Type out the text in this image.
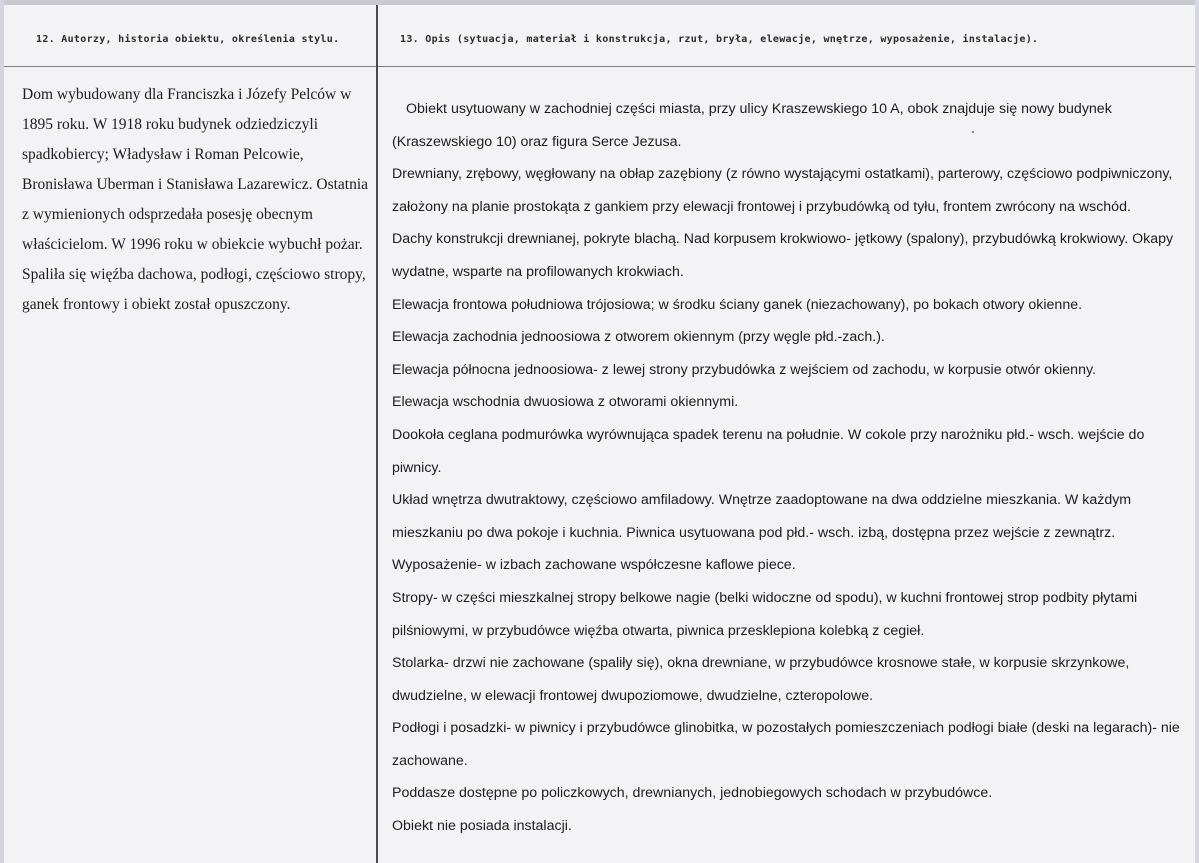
12. Autorzy, historia obiektu, określenia stylu.	13. Opis (sytuacja, materiał i konstrukcja, rzut, bryła, elewacje, wnętrze, wyposażenie, instalacje).

Dom wybudowany dla Franciszka i Józefy Pelców w 1895 roku. W 1918 roku budynek odziedziczyli spadkobiercy; Władysław i Roman Pelcowie, Bronisława Uberman i Stanisława Lazarewicz. Ostatnia z wymienionych odsprzedała posesję obecnym właścicielom. W 1996 roku w obiekcie wybuchł pożar. Spaliła się więźba dachowa, podłogi, częściowo stropy, ganek frontowy i obiekt został opuszczony.

Obiekt usytuowany w zachodniej części miasta, przy ulicy Kraszewskiego 10 A, obok znajduje się nowy budynek (Kraszewskiego 10) oraz figura Serce Jezusa.

Drewniany, zrębowy, węgłowany na obłap zazębiony (z równo wystającymi ostatkami), parterowy, częściowo podpiwniczony, założony na planie prostokąta z gankiem przy elewacji frontowej i przybudówką od tyłu, frontem zwrócony na wschód.

Dachy konstrukcji drewnianej, pokryte blachą. Nad korpusem krokwiowo- jętkowy (spalony), przybudówką krokwiowy. Okapy wydatne, wsparte na profilowanych krokwiach.

Elewacja frontowa południowa trójosiowa; w środku ściany ganek (niezachowany), po bokach otwory okienne.

Elewacja zachodnia jednoosiowa z otworem okiennym (przy węgle płd.-zach.).

Elewacja północna jednoosiowa- z lewej strony przybudówka z wejściem od zachodu, w korpusie otwór okienny.

Elewacja wschodnia dwuosiowa z otworami okiennymi.

Dookoła ceglana podmurówka wyrównująca spadek terenu na południe. W cokole przy narożniku płd.- wsch. wejście do piwnicy.

Układ wnętrza dwutraktowy, częściowo amfiladowy. Wnętrze zaadoptowane na dwa oddzielne mieszkania. W każdym mieszkaniu po dwa pokoje i kuchnia. Piwnica usytuowana pod płd.- wsch. izbą, dostępna przez wejście z zewnątrz.

Wyposażenie- w izbach zachowane współczesne kaflowe piece.

Stropy- w części mieszkalnej stropy belkowe nagie (belki widoczne od spodu), w kuchni frontowej strop podbity płytami pilśniowymi, w przybudówce więźba otwarta, piwnica przesklepiona kolebką z cegieł.

Stolarka- drzwi nie zachowane (spaliły się), okna drewniane, w przybudówce krosnowe stałe, w korpusie skrzynkowe, dwudzielne, w elewacji frontowej dwupoziomowe, dwudzielne, czteropolowe.

Podłogi i posadzki- w piwnicy i przybudówce glinobitka, w pozostałych pomieszczeniach podłogi białe (deski na legarach)- nie zachowane.

Poddasze dostępne po policzkowych, drewnianych, jednobiegowych schodach w przybudówce.

Obiekt nie posiada instalacji.
